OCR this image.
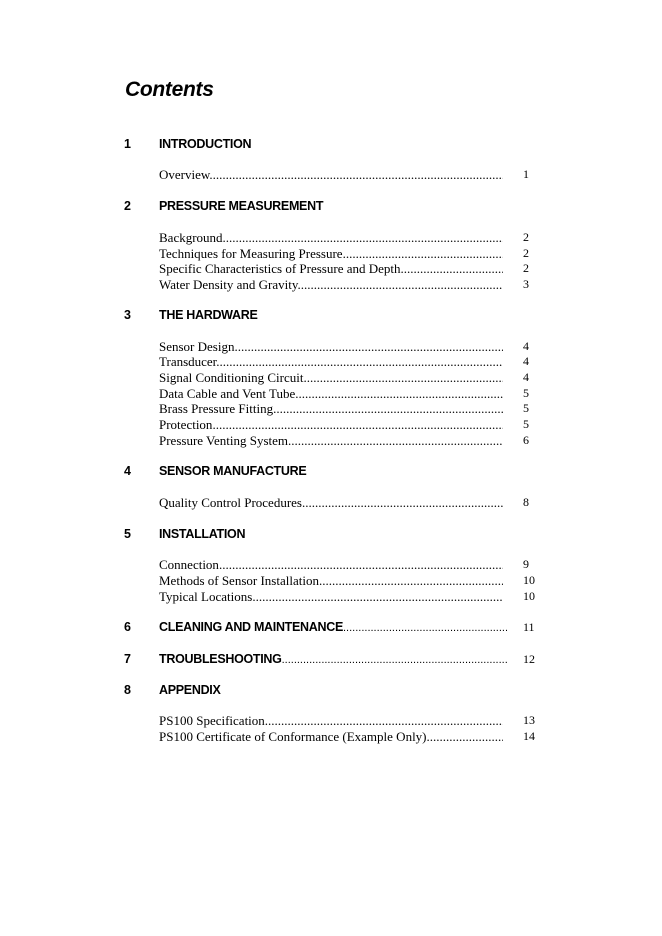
Contents
1 INTRODUCTION
Overview .....	1
2 PRESSURE MEASUREMENT
Background .....	2
Techniques for Measuring Pressure .....	2
Specific Characteristics of Pressure and Depth .....	2
Water Density and Gravity .....	3
3 THE HARDWARE
Sensor Design .....	4
Transducer .....	4
Signal Conditioning Circuit .....	4
Data Cable and Vent Tube .....	5
Brass Pressure Fitting .....	5
Protection .....	5
Pressure Venting System .....	6
4 SENSOR MANUFACTURE
Quality Control Procedures .....	8
5 INSTALLATION
Connection .....	9
Methods of Sensor Installation .....	10
Typical Locations .....	10
6 CLEANING AND MAINTENANCE .....	11
7 TROUBLESHOOTING .....	12
8 APPENDIX
PS100 Specification .....	13
PS100 Certificate of Conformance (Example Only) .....	14
